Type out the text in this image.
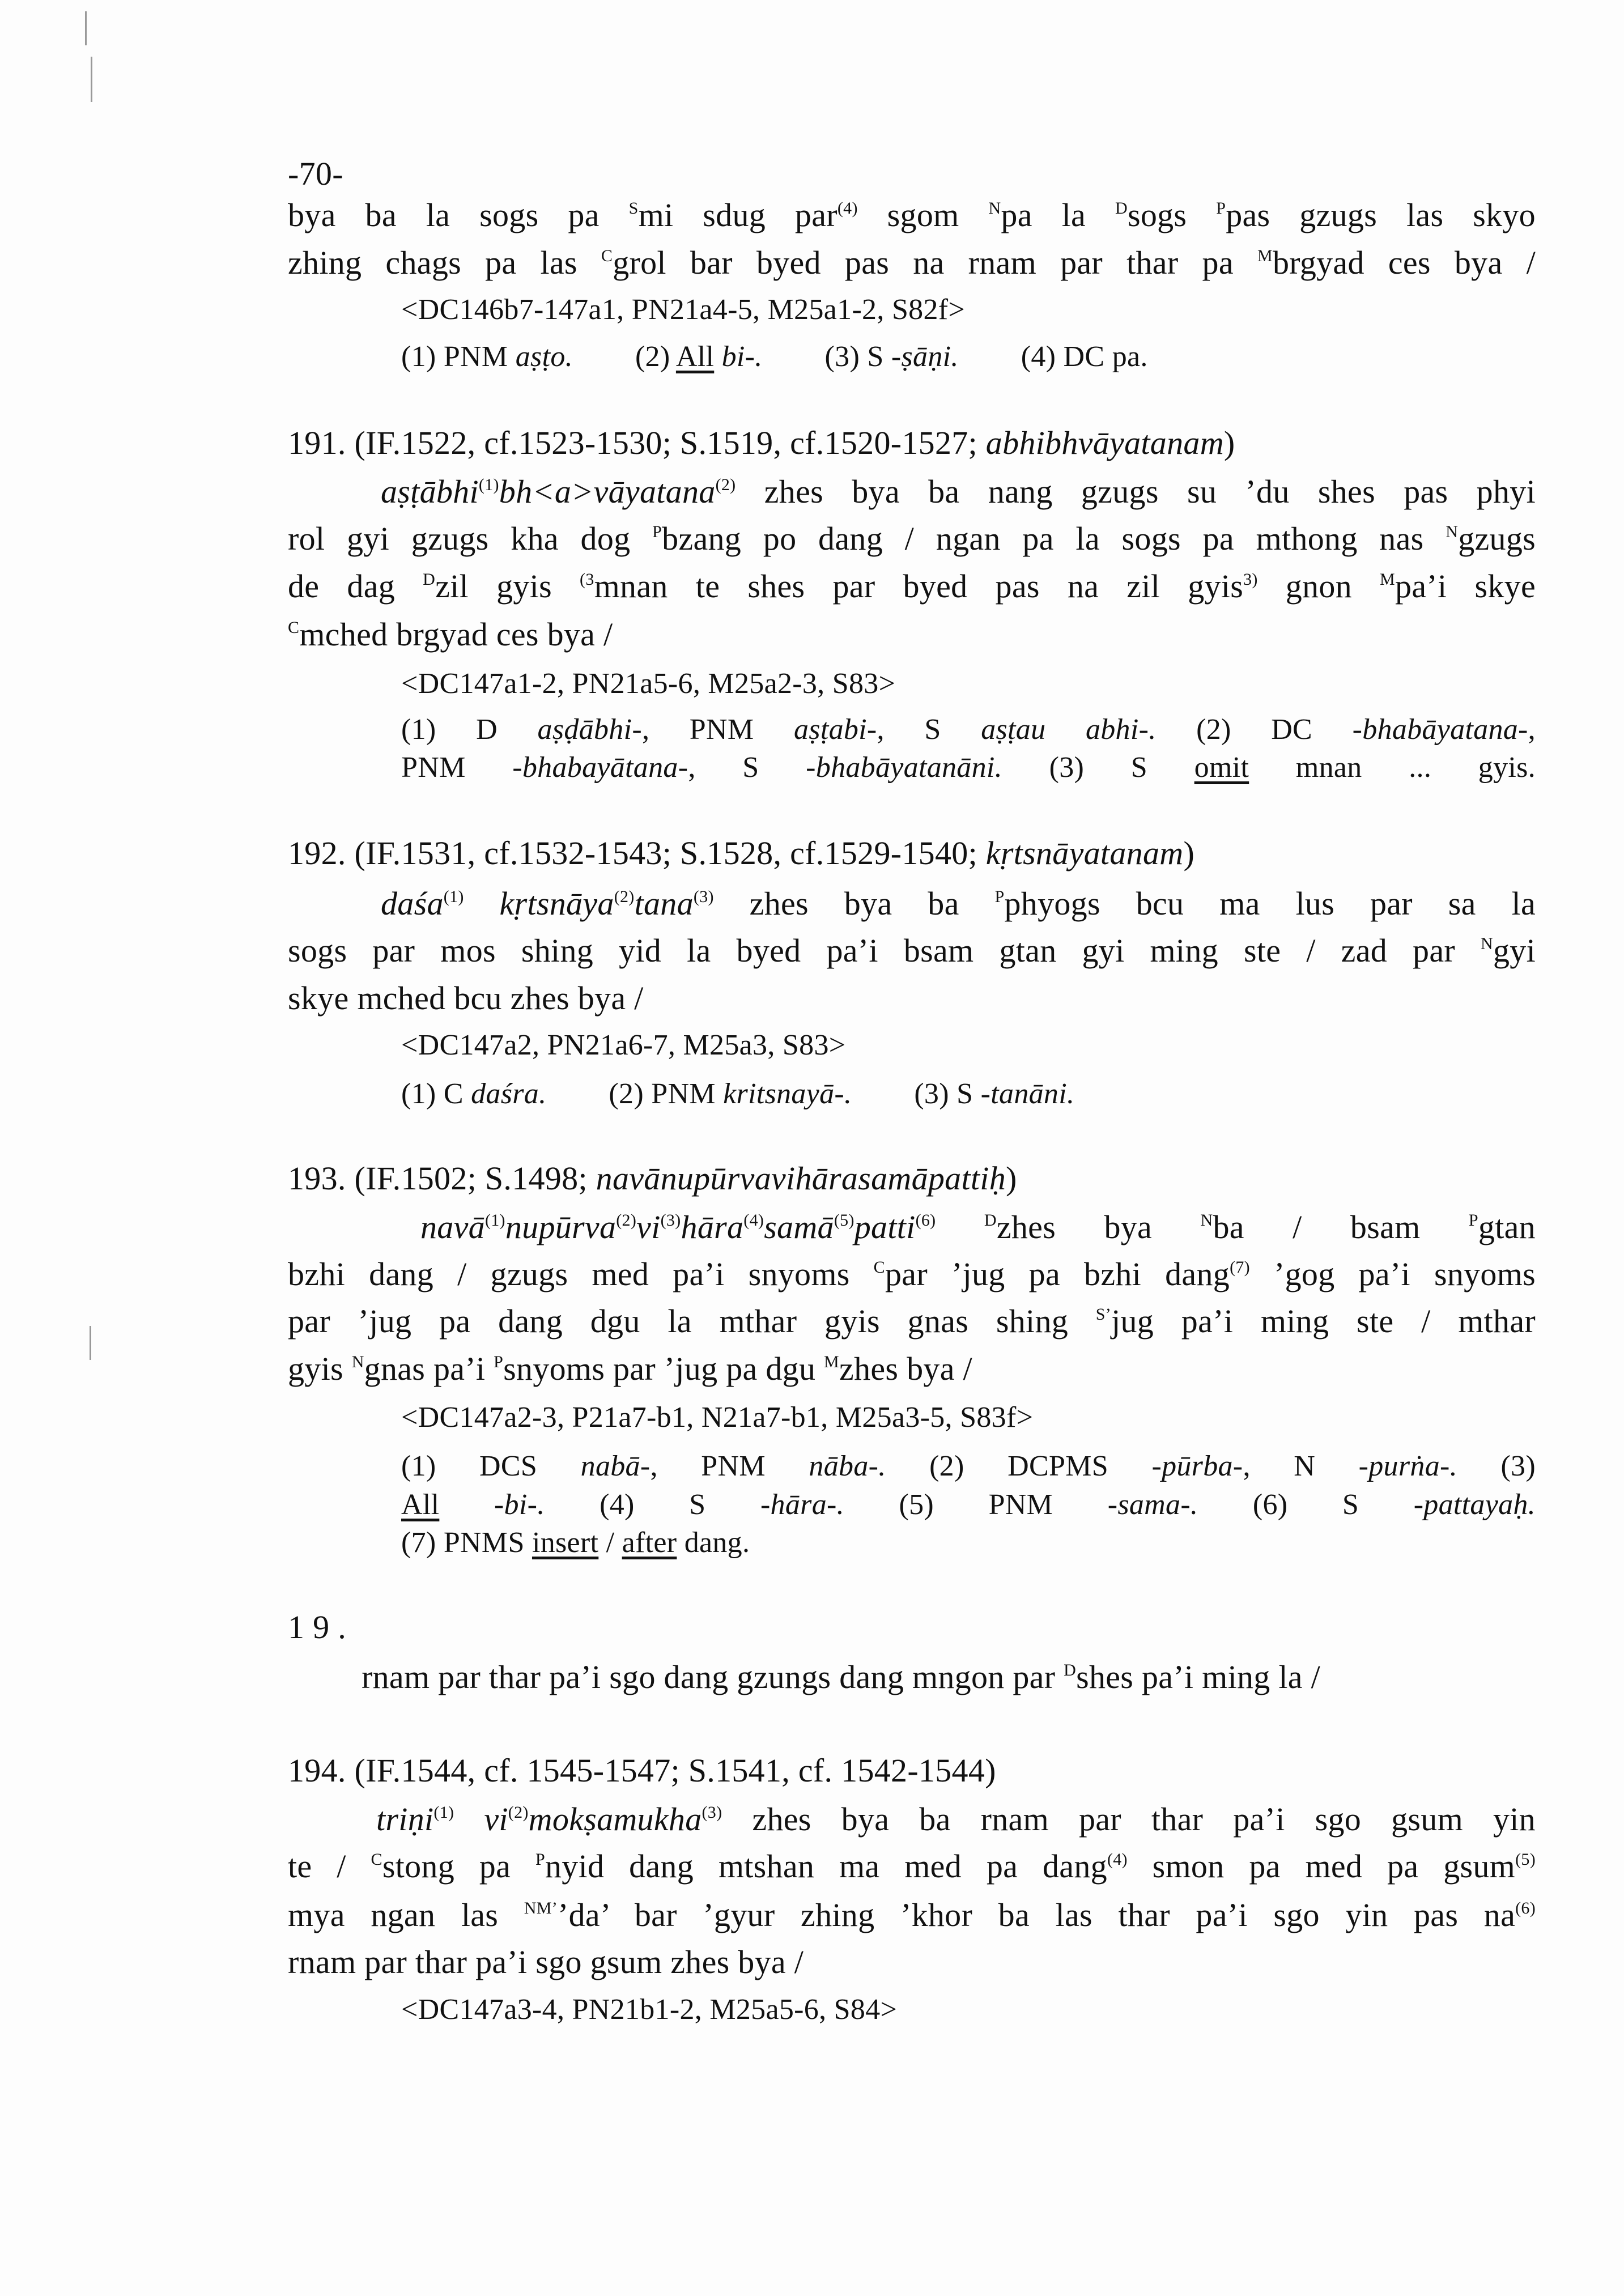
-70-
bya ba la sogs pa $^S$mi sdug par$^{(4)}$ sgom $^N$pa la $^D$sogs $^P$pas gzugs las skyo
zhing chags pa las $^C$grol bar byed pas na rnam par thar pa $^M$brgyad ces bya /
<DC146b7-147a1, PN21a4-5, M25a1-2, S82f>
(1) PNM aṣṭo. (2) All bi-. (3) S -ṣāṇi. (4) DC pa.
191. (IF.1522, cf.1523-1530; S.1519, cf.1520-1527; abhibhvāyatanam)
aṣṭābhi$^{(1)}$bh<a>vāyatana$^{(2)}$ zhes bya ba nang gzugs su ’du shes pas phyi
rol gyi gzugs kha dog $^P$bzang po dang / ngan pa la sogs pa mthong nas $^N$gzugs
de dag $^D$zil gyis $^{(3}$mnan te shes par byed pas na zil gyis$^{3)}$ gnon $^M$pa’i skye
$^C$mched brgyad ces bya /
<DC147a1-2, PN21a5-6, M25a2-3, S83>
(1) D aṣḍābhi-, PNM aṣṭabi-, S aṣṭau abhi-. (2) DC -bhabāyatana-,
PNM -bhabayātana-, S -bhabāyatanāni. (3) S omit mnan ... gyis.
192. (IF.1531, cf.1532-1543; S.1528, cf.1529-1540; kṛtsnāyatanam)
daśa$^{(1)}$ kṛtsnāya$^{(2)}$tana$^{(3)}$ zhes bya ba $^P$phyogs bcu ma lus par sa la
sogs par mos shing yid la byed pa’i bsam gtan gyi ming ste / zad par $^N$gyi
skye mched bcu zhes bya /
<DC147a2, PN21a6-7, M25a3, S83>
(1) C daśra. (2) PNM kritsnayā-. (3) S -tanāni.
193. (IF.1502; S.1498; navānupūrvavihārasamāpattiḥ)
$navā^{(1)}nupūrva^{(2)}vi^{(3)}hāra^{(4)}samā^{(5)}patti^{(6)}$	$^D$zhes bya $^N$ba / bsam $^P$gtan
bzhi dang / gzugs med pa’i snyoms $^C$par ’jug pa bzhi dang$^{(7)}$ ’gog pa’i snyoms
par ’jug pa dang dgu la mthar gyis gnas shing $^{S’}$jug pa’i ming ste / mthar
gyis $^N$gnas pa’i $^P$snyoms par ’jug pa dgu $^M$zhes bya /
<DC147a2-3, P21a7-b1, N21a7-b1, M25a3-5, S83f>
(1) DCS nabā-, PNM nāba-. (2) DCPMS -pūrba-, N -purṅa-. (3)
All -bi-. (4) S -hāra-. (5) PNM -sama-. (6) S -pattayaḥ.
(7) PNMS insert / after dang.
1 9 .
rnam par thar pa’i sgo dang gzungs dang mngon par $^D$shes pa’i ming la /
194. (IF.1544, cf. 1545-1547; S.1541, cf. 1542-1544)
triṇi$^{(1)}$ $vi^{(2)}mokṣamukha^{(3)}$ zhes bya ba rnam par thar pa’i sgo gsum yin
te / $^C$stong pa $^P$nyid dang mtshan ma med pa dang$^{(4)}$ smon pa med pa gsum$^{(5)}$
mya ngan las $^{NM’}$’da’ bar ’gyur zhing ’khor ba las thar pa’i sgo yin pas $na^{(6)}$
rnam par thar pa’i sgo gsum zhes bya /
<DC147a3-4, PN21b1-2, M25a5-6, S84>
